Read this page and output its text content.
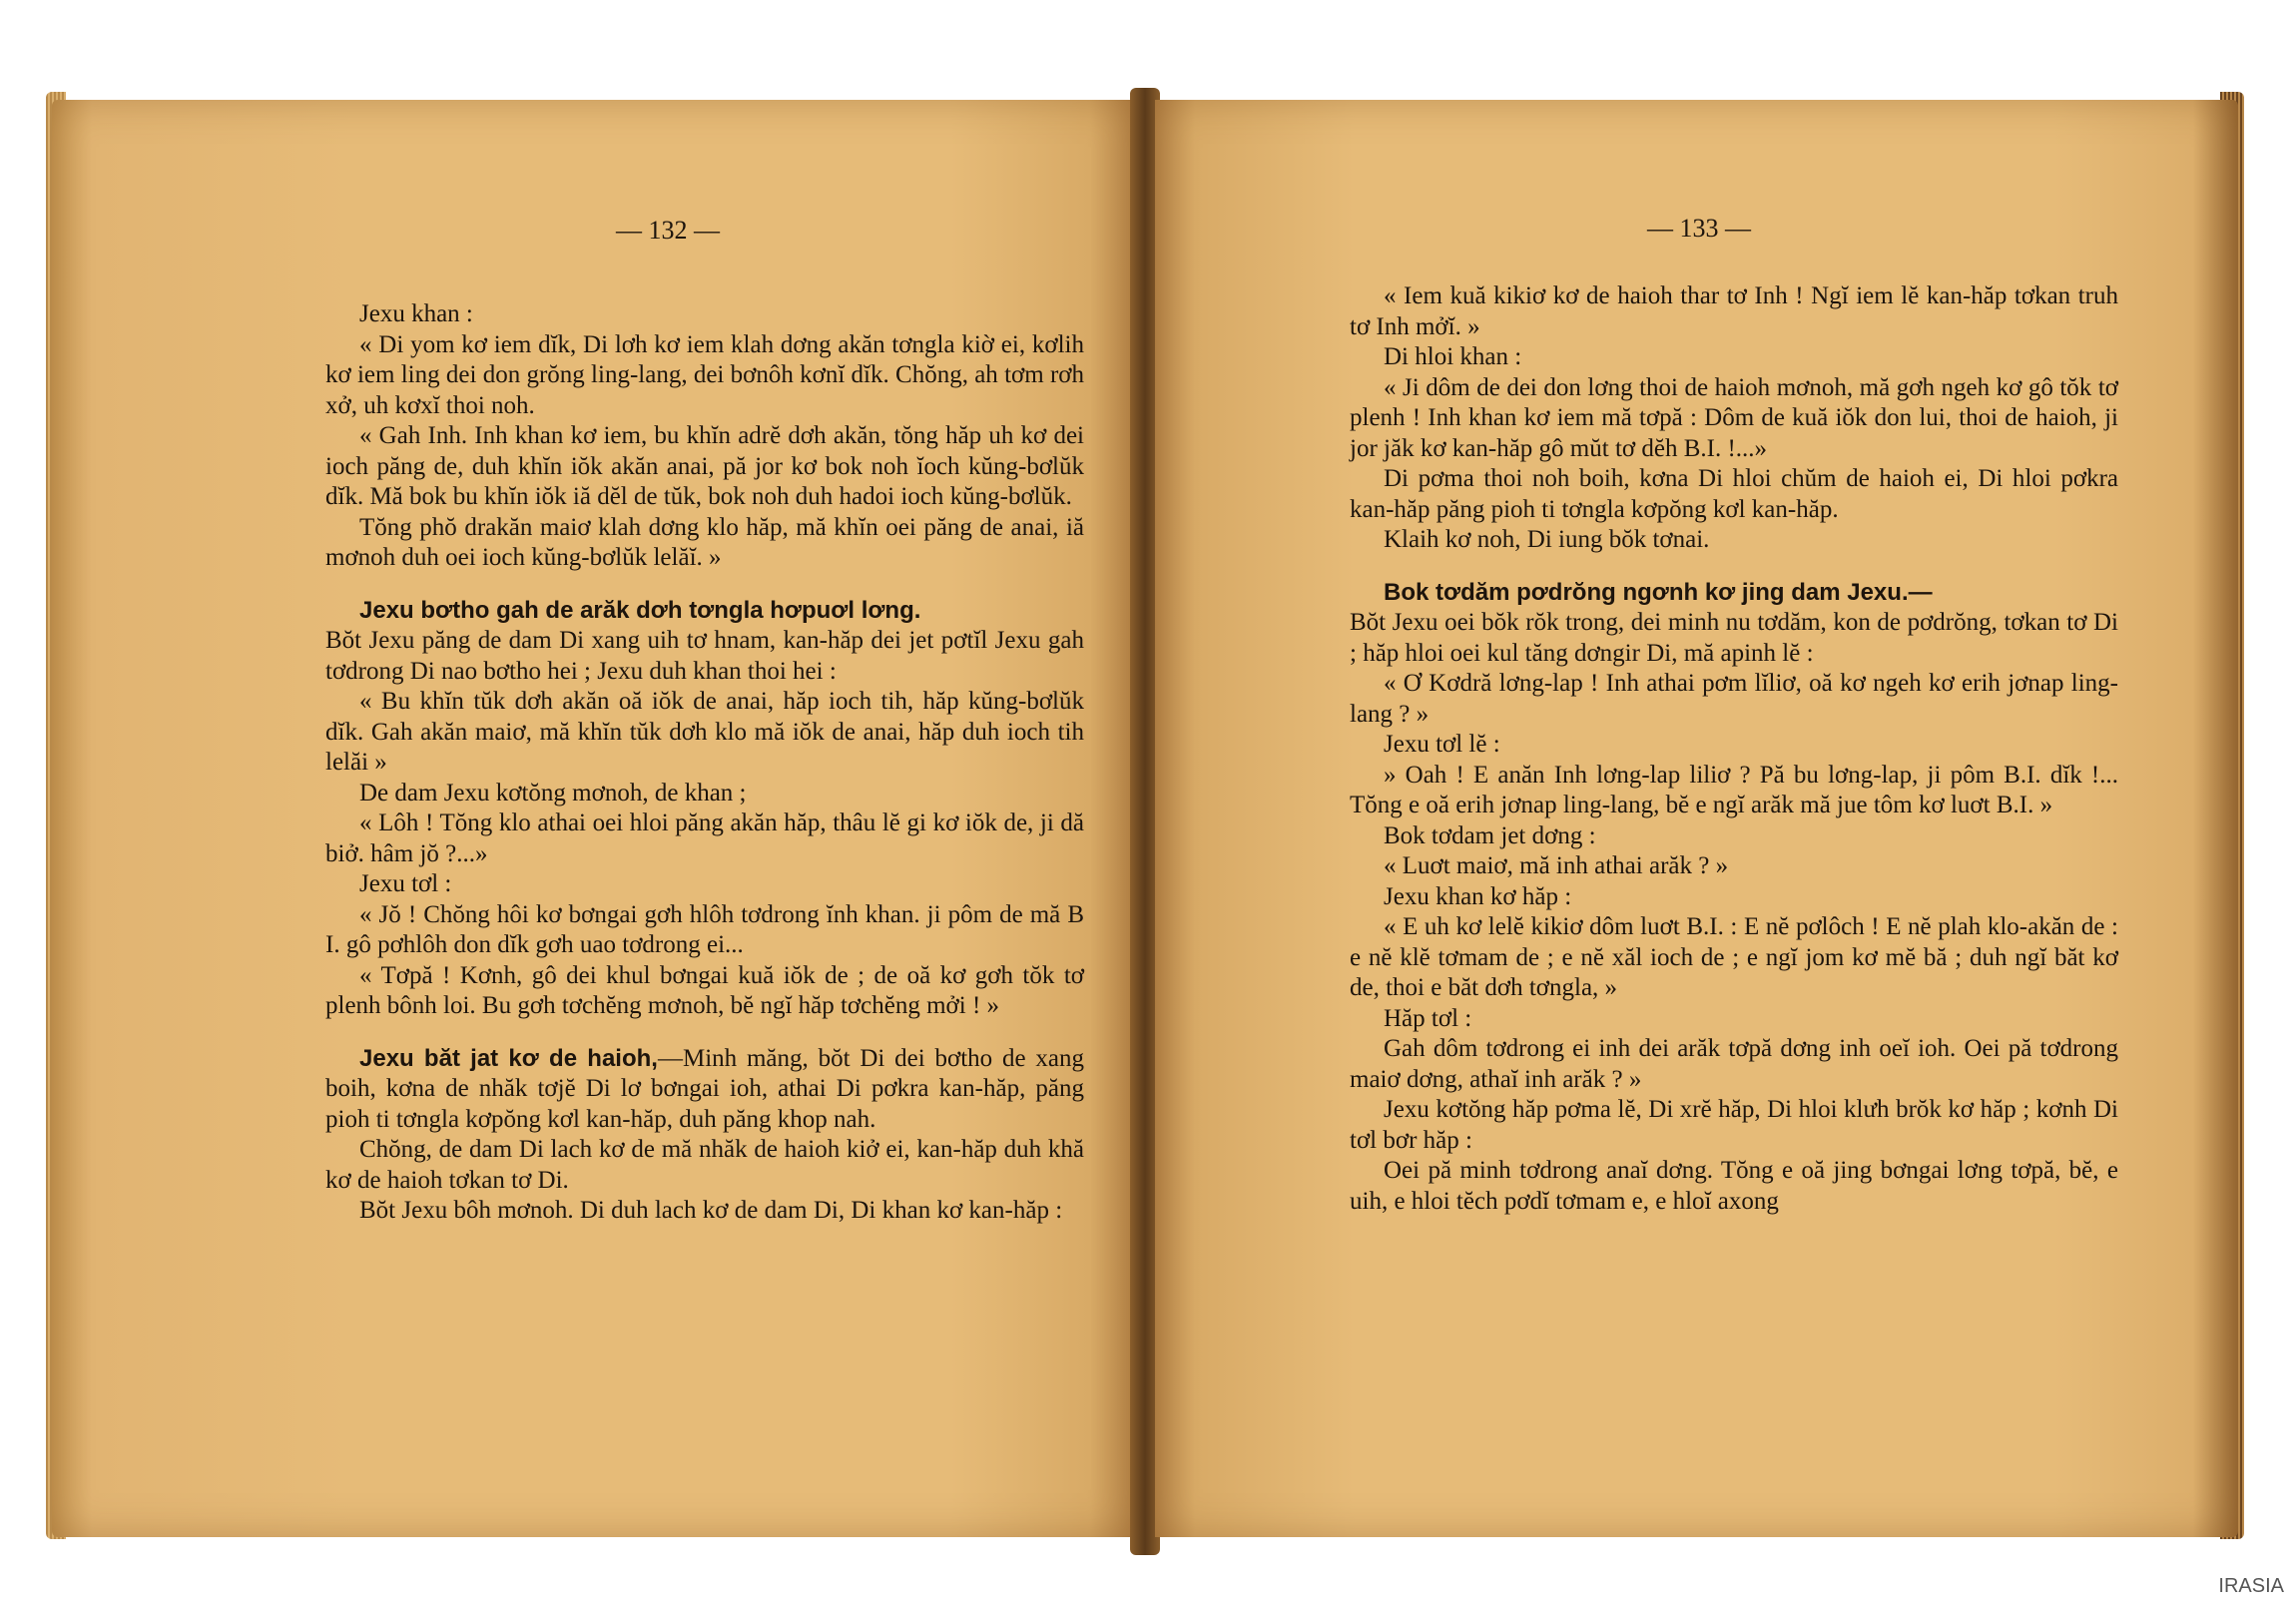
— 132 —

Jexu khan :

« Di yom kơ iem dĭk, Di lơh kơ iem klah dơng akăn tơngla kiờ ei, kơlih kơ iem ling dei don grŏng ling-lang, dei bơnôh kơnĭ dĭk. Chŏng, ah tơm rơh xở, uh kơxĭ thoi noh.

« Gah Inh. Inh khan kơ iem, bu khĭn adrĕ dơh akăn, tŏng hăp uh kơ dei ioch păng de, duh khĭn iŏk akăn anai, pă jor kơ bok noh ĭoch kŭng-bơlŭk dĭk. Mă bok bu khĭn iŏk iă dĕl de tŭk, bok noh duh hadoi ioch kŭng-bơlŭk.

Tŏng phŏ drakăn maiơ klah dơng klo hăp, mă khĭn oei păng de anai, iă mơnoh duh oei ioch kŭng-bơlŭk lelăĭ. »

Jexu bơtho gah de arăk dơh tơngla hơpuơl lơng.

Bŏt Jexu păng de dam Di xang uih tơ hnam, kan-hăp dei jet pơtĭl Jexu gah tơdrong Di nao bơtho hei ; Jexu duh khan thoi hei :

« Bu khĭn tŭk dơh akăn oă iŏk de anai, hăp ioch tih, hăp kŭng-bơlŭk dĭk. Gah akăn maiơ, mă khĭn tŭk dơh klo mă iŏk de anai, hăp duh ioch tih lelăi »

De dam Jexu kơtŏng mơnoh, de khan ;

« Lôh ! Tŏng klo athai oei hloi păng akăn hăp, thâu lĕ gi kơ iŏk de, ji dă biở. hâm jŏ ?...»

Jexu tơl :

« Jŏ ! Chŏng hôi kơ bơngai gơh hlôh tơdrong ĭnh khan. ji pôm de mă B I. gô pơhlôh don dĭk gơh uao tơdrong ei...

« Tơpă ! Kơnh, gô dei khul bơngai kuă iŏk de ; de oă kơ gơh tŏk tơ plenh bônh loi. Bu gơh tơchĕng mơnoh, bĕ ngĭ hăp tơchĕng mởi ! »

Jexu băt jat kơ de haioh,—Minh măng, bŏt Di dei bơtho de xang boih, kơna de nhăk tơjĕ Di lơ bơngai ioh, athai Di pơkra kan-hăp, păng pioh ti tơngla kơpŏng kơl kan-hăp, duh păng khop nah.

Chŏng, de dam Di lach kơ de mă nhăk de haioh kiở ei, kan-hăp duh khă kơ de haioh tơkan tơ Di.

Bŏt Jexu bôh mơnoh. Di duh lach kơ de dam Di, Di khan kơ kan-hăp :

— 133 —

« Iem kuă kikiơ kơ de haioh thar tơ Inh ! Ngĭ iem lĕ kan-hăp tơkan truh tơ Inh mởĭ. »

Di hloi khan :

« Ji dôm de dei don lơng thoi de haioh mơnoh, mă gơh ngeh kơ gô tŏk tơ plenh ! Inh khan kơ iem mă tơpă : Dôm de kuă iŏk don lui, thoi de haioh, ji jor jăk kơ kan-hăp gô mŭt tơ dĕh B.I. !...»

Di pơma thoi noh boih, kơna Di hloi chŭm de haioh ei, Di hloi pơkra kan-hăp păng pioh ti tơngla kơpŏng kơl kan-hăp.

Klaih kơ noh, Di iung bŏk tơnai.

Bok tơdăm pơdrŏng ngơnh kơ jing dam Jexu.—

Bŏt Jexu oei bŏk rŏk trong, dei minh nu tơdăm, kon de pơdrŏng, tơkan tơ Di ; hăp hloi oei kul tăng dơngir Di, mă apinh lĕ :

« Ơ Kơdră lơng-lap ! Inh athai pơm lĭliơ, oă kơ ngeh kơ erih jơnap ling-lang ? »

Jexu tơl lĕ :

» Oah ! E anăn Inh lơng-lap liliơ ? Pă bu lơng-lap, ji pôm B.I. dĭk !... Tŏng e oă erih jơnap ling-lang, bĕ e ngĭ arăk mă jue tôm kơ luơt B.I. »

Bok tơdam jet dơng :

« Luơt maiơ, mă inh athai arăk ? »

Jexu khan kơ hăp :

« E uh kơ lelĕ kikiơ dôm luơt B.I. : E nĕ pơlôch ! E nĕ plah klo-akăn de : e nĕ klĕ tơmam de ; e nĕ xăl ioch de ; e ngĭ jom kơ mĕ bă ; duh ngĭ băt kơ de, thoi e băt dơh tơngla, »

Hăp tơl :

Gah dôm tơdrong ei inh dei arăk tơpă dơng inh oeĭ ioh. Oei pă tơdrong maiơ dơng, athaĭ inh arăk ? »

Jexu kơtŏng hăp pơma lĕ, Di xrĕ hăp, Di hloi klưh brŏk kơ hăp ; kơnh Di tơl bơr hăp :

Oei pă minh tơdrong anaĭ dơng. Tŏng e oă jing bơngai lơng tơpă, bĕ, e uih, e hloi tĕch pơdĭ tơmam e, e hloĭ axong

IRASIA
